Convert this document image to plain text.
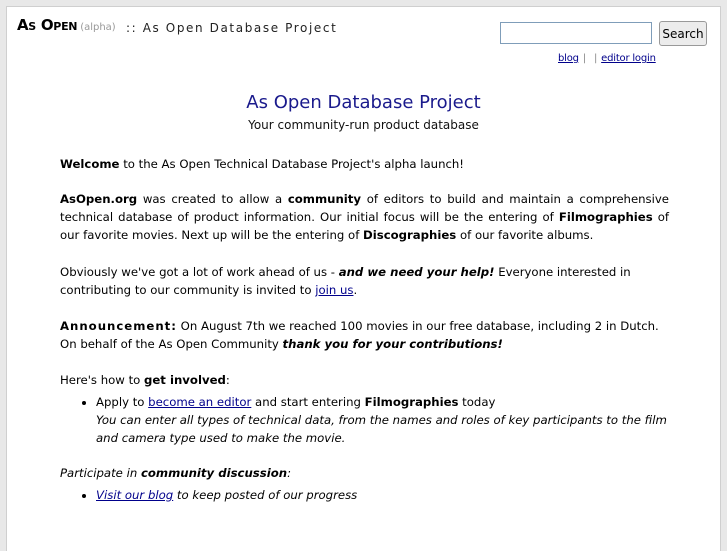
As Open (alpha) :: As Open Database Project	Search
blog | | editor login
As Open Database Project
Your community-run product database

Welcome to the As Open Technical Database Project's alpha launch!

AsOpen.org was created to allow a community of editors to build and maintain a comprehensive technical database of product information. Our initial focus will be the entering of Filmographies of our favorite movies. Next up will be the entering of Discographies of our favorite albums.

Obviously we've got a lot of work ahead of us - and we need your help! Everyone interested in contributing to our community is invited to join us.

Announcement: On August 7th we reached 100 movies in our free database, including 2 in Dutch. On behalf of the As Open Community thank you for your contributions!

Here's how to get involved:

• Apply to become an editor and start entering Filmographies today
You can enter all types of technical data, from the names and roles of key participants to the film and camera type used to make the movie.

Participate in community discussion:

• Visit our blog to keep posted of our progress
